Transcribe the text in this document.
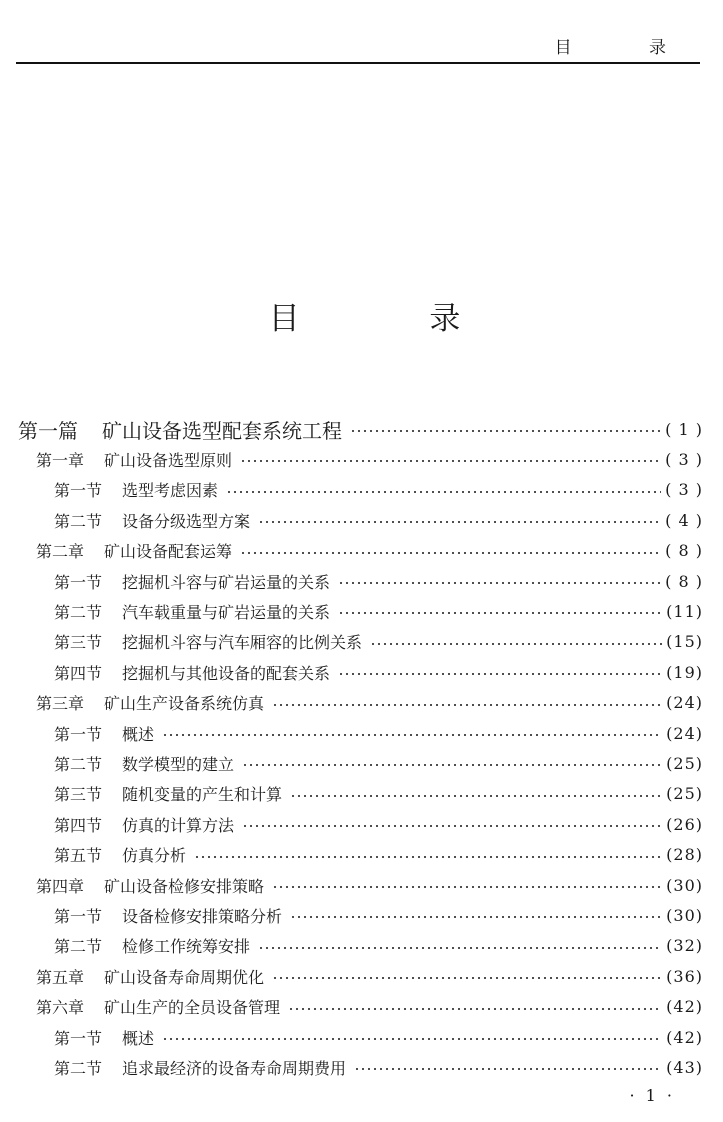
目 录
目 录
第一篇 矿山设备选型配套系统工程	( 1 )
第一章 矿山设备选型原则	( 3 )
第一节 选型考虑因素	( 3 )
第二节 设备分级选型方案	( 4 )
第二章 矿山设备配套运筹	( 8 )
第一节 挖掘机斗容与矿岩运量的关系	( 8 )
第二节 汽车载重量与矿岩运量的关系	(11)
第三节 挖掘机斗容与汽车厢容的比例关系	(15)
第四节 挖掘机与其他设备的配套关系	(19)
第三章 矿山生产设备系统仿真	(24)
第一节 概述	(24)
第二节 数学模型的建立	(25)
第三节 随机变量的产生和计算	(25)
第四节 仿真的计算方法	(26)
第五节 仿真分析	(28)
第四章 矿山设备检修安排策略	(30)
第一节 设备检修安排策略分析	(30)
第二节 检修工作统筹安排	(32)
第五章 矿山设备寿命周期优化	(36)
第六章 矿山生产的全员设备管理	(42)
第一节 概述	(42)
第二节 追求最经济的设备寿命周期费用	(43)
· 1 ·
